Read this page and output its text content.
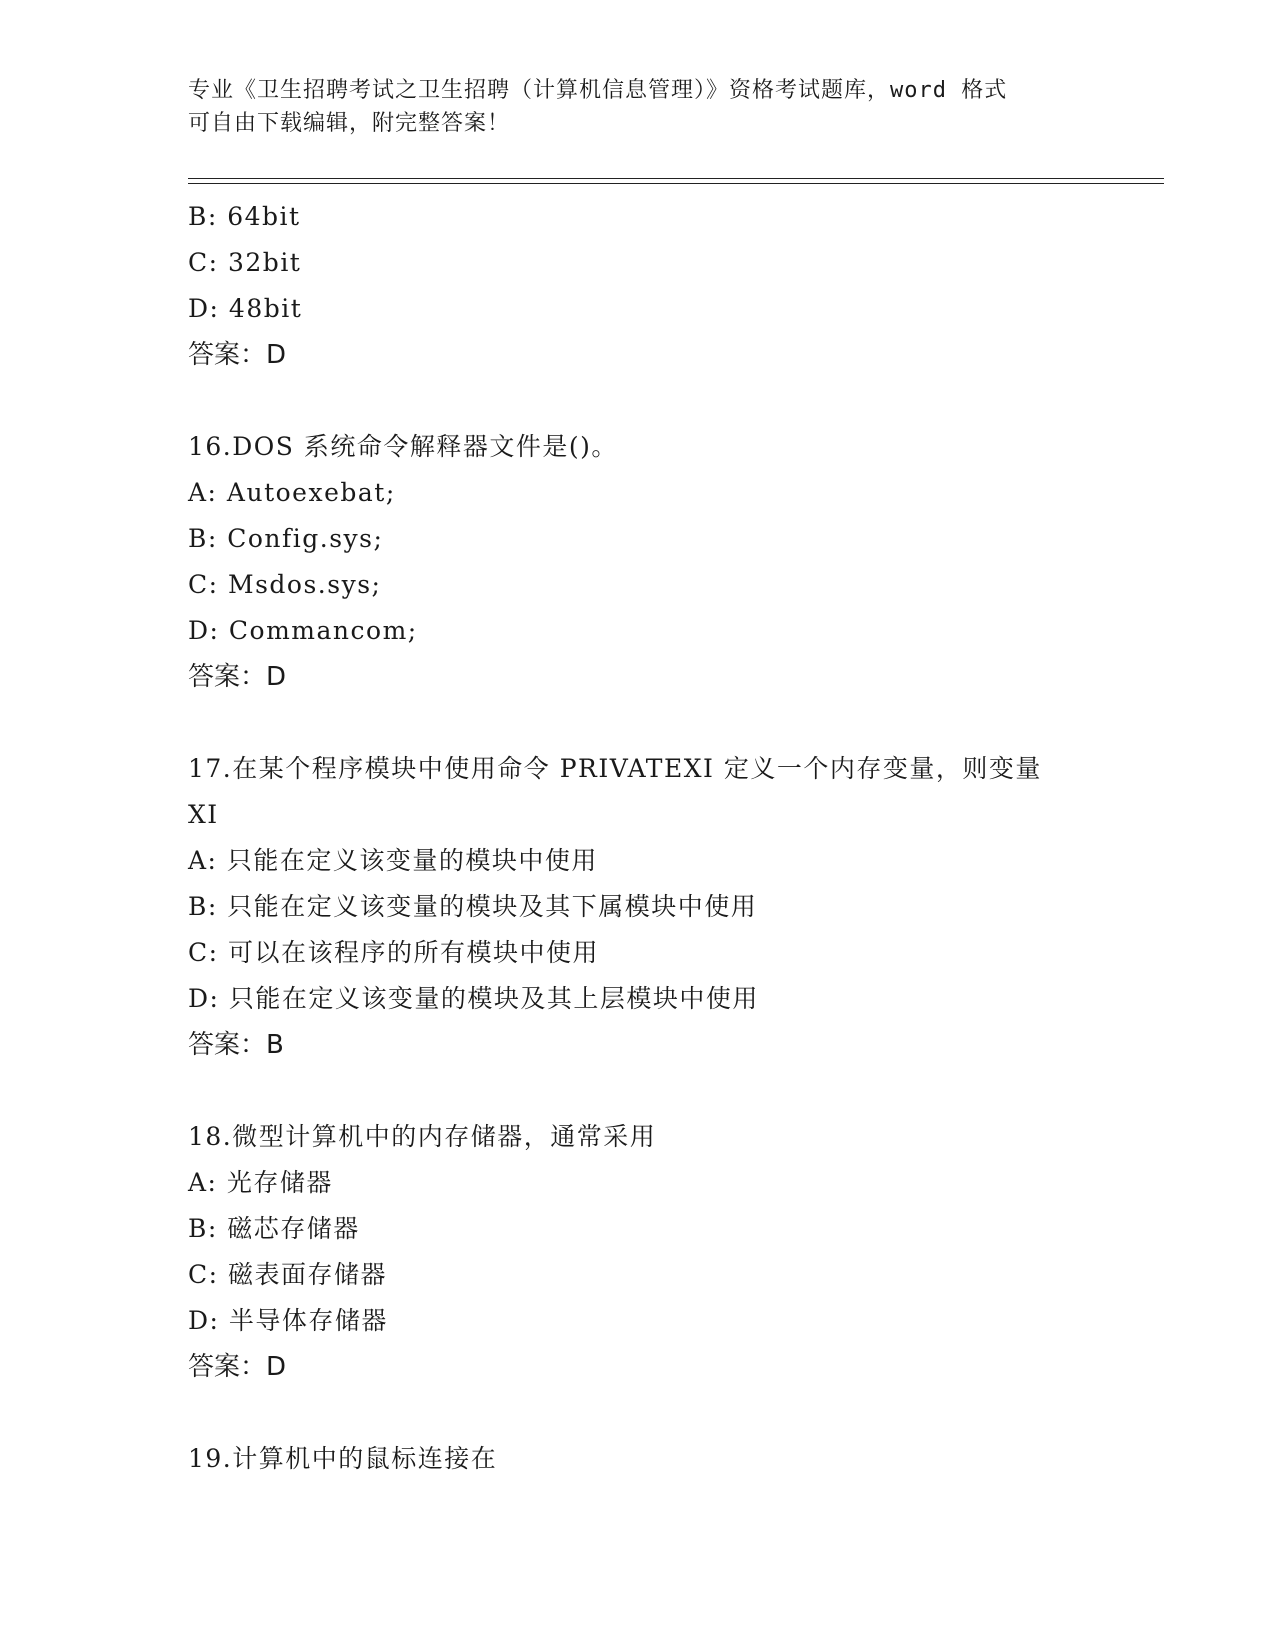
专业《卫生招聘考试之卫生招聘（计算机信息管理）》资格考试题库，word 格式
可自由下载编辑，附完整答案！
B: 64bit
C: 32bit
D: 48bit
答案：D
16.DOS 系统命令解释器文件是()。
A: Autoexebat;
B: Config.sys;
C: Msdos.sys;
D: Commancom;
答案：D
17.在某个程序模块中使用命令 PRIVATEXI 定义一个内存变量，则变量
XI
A: 只能在定义该变量的模块中使用
B: 只能在定义该变量的模块及其下属模块中使用
C: 可以在该程序的所有模块中使用
D: 只能在定义该变量的模块及其上层模块中使用
答案：B
18.微型计算机中的内存储器，通常采用
A: 光存储器
B: 磁芯存储器
C: 磁表面存储器
D: 半导体存储器
答案：D
19.计算机中的鼠标连接在
